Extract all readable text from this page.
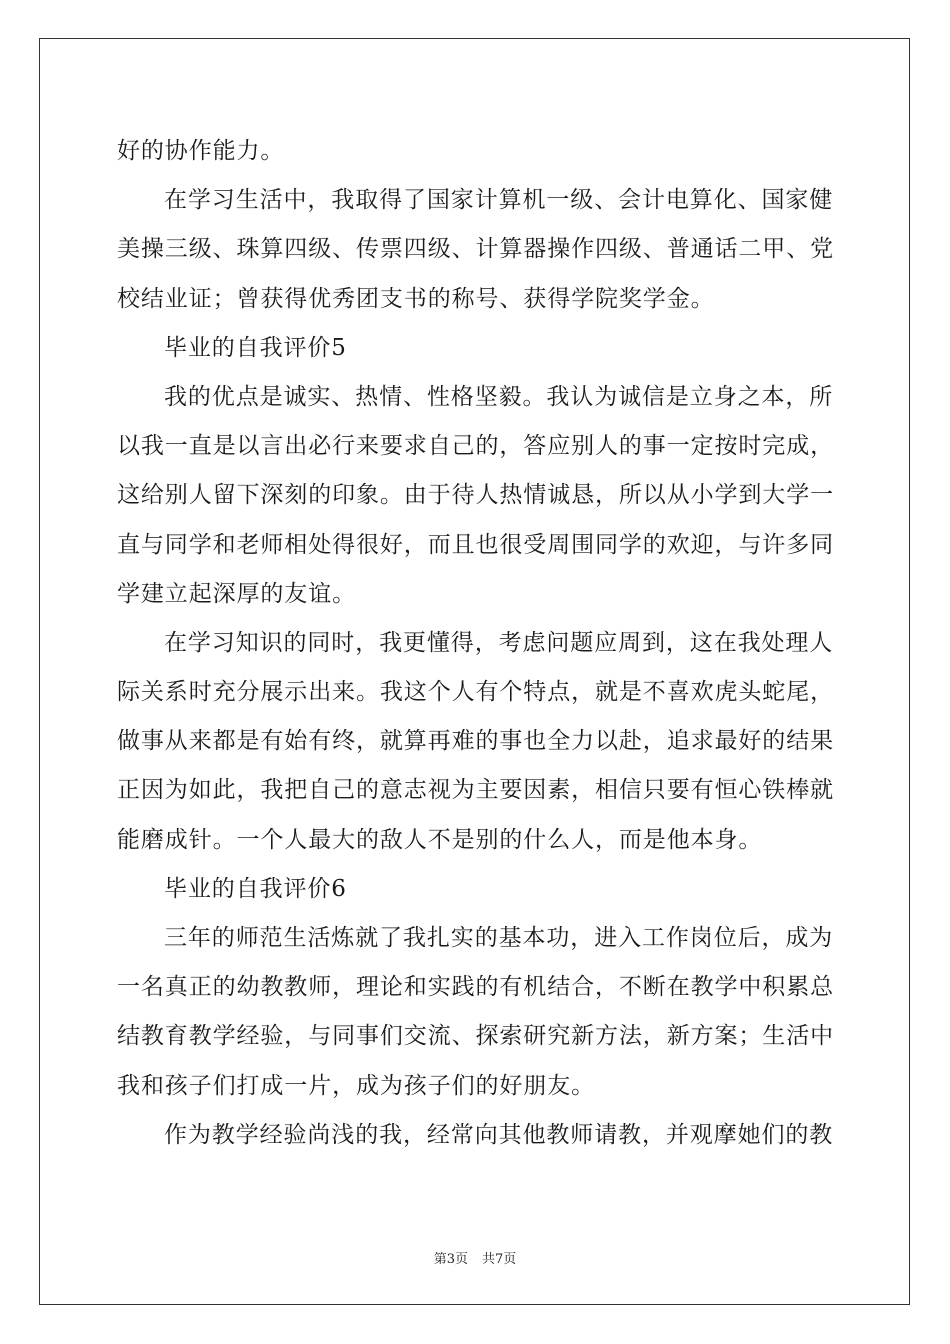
好的协作能力。
在学习生活中，我取得了国家计算机一级、会计电算化、国家健
美操三级、珠算四级、传票四级、计算器操作四级、普通话二甲、党
校结业证；曾获得优秀团支书的称号、获得学院奖学金。
毕业的自我评价5
我的优点是诚实、热情、性格坚毅。我认为诚信是立身之本，所
以我一直是以言出必行来要求自己的，答应别人的事一定按时完成，
这给别人留下深刻的印象。由于待人热情诚恳，所以从小学到大学一
直与同学和老师相处得很好，而且也很受周围同学的欢迎，与许多同
学建立起深厚的友谊。
在学习知识的同时，我更懂得，考虑问题应周到，这在我处理人
际关系时充分展示出来。我这个人有个特点，就是不喜欢虎头蛇尾，
做事从来都是有始有终，就算再难的事也全力以赴，追求最好的结果
正因为如此，我把自己的意志视为主要因素，相信只要有恒心铁棒就
能磨成针。一个人最大的敌人不是别的什么人，而是他本身。
毕业的自我评价6
三年的师范生活炼就了我扎实的基本功，进入工作岗位后，成为
一名真正的幼教教师，理论和实践的有机结合，不断在教学中积累总
结教育教学经验，与同事们交流、探索研究新方法，新方案；生活中
我和孩子们打成一片，成为孩子们的好朋友。
作为教学经验尚浅的我，经常向其他教师请教，并观摩她们的教
第3页 共7页
